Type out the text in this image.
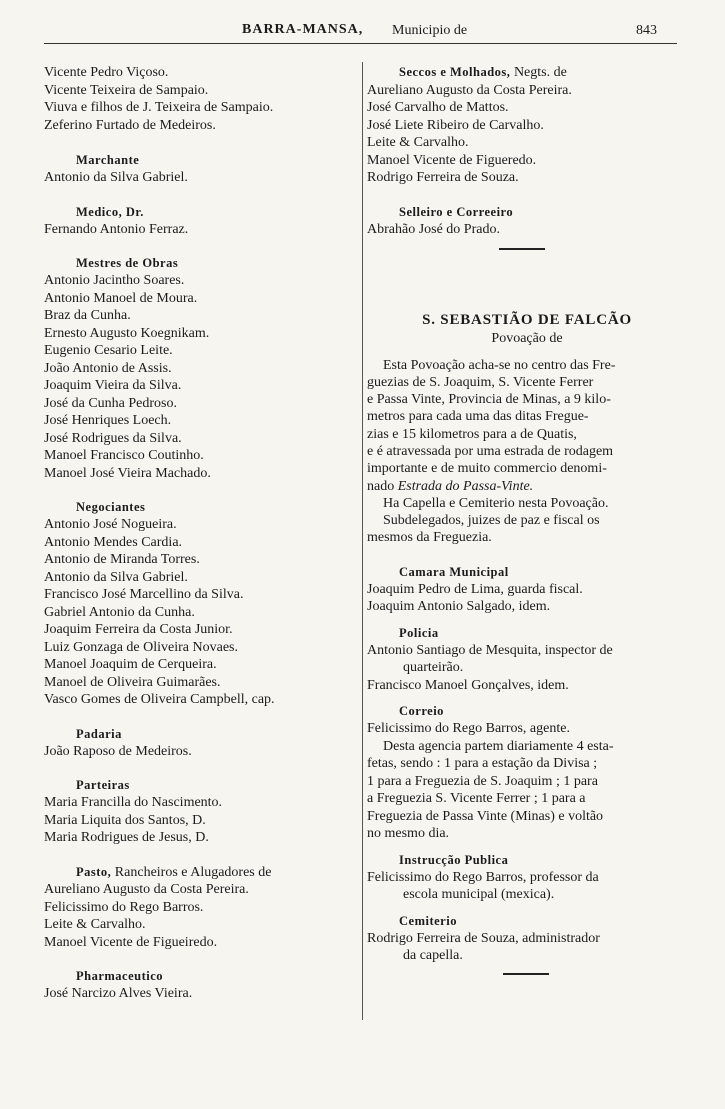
BARRA-MANSA, Municipio de	843
Vicente Pedro Viçoso.
Vicente Teixeira de Sampaio.
Viuva e filhos de J. Teixeira de Sampaio.
Zeferino Furtado de Medeiros.
Marchante
Antonio da Silva Gabriel.
Medico, Dr.
Fernando Antonio Ferraz.
Mestres de Obras
Antonio Jacintho Soares.
Antonio Manoel de Moura.
Braz da Cunha.
Ernesto Augusto Koegnikam.
Eugenio Cesario Leite.
João Antonio de Assis.
Joaquim Vieira da Silva.
José da Cunha Pedroso.
José Henriques Loech.
José Rodrigues da Silva.
Manoel Francisco Coutinho.
Manoel José Vieira Machado.
Negociantes
Antonio José Nogueira.
Antonio Mendes Cardia.
Antonio de Miranda Torres.
Antonio da Silva Gabriel.
Francisco José Marcellino da Silva.
Gabriel Antonio da Cunha.
Joaquim Ferreira da Costa Junior.
Luiz Gonzaga de Oliveira Novaes.
Manoel Joaquim de Cerqueira.
Manoel de Oliveira Guimarães.
Vasco Gomes de Oliveira Campbell, cap.
Padaria
João Raposo de Medeiros.
Parteiras
Maria Francilla do Nascimento.
Maria Liquita dos Santos, D.
Maria Rodrigues de Jesus, D.
Pasto, Rancheiros e Alugadores de
Aureliano Augusto da Costa Pereira.
Felicissimo do Rego Barros.
Leite & Carvalho.
Manoel Vicente de Figueiredo.
Pharmaceutico
José Narcizo Alves Vieira.
Seccos e Molhados, Negts. de
Aureliano Augusto da Costa Pereira.
José Carvalho de Mattos.
José Liete Ribeiro de Carvalho.
Leite & Carvalho.
Manoel Vicente de Figueredo.
Rodrigo Ferreira de Souza.
Selleiro e Correeiro
Abrahão José do Prado.
S. SEBASTIÃO DE FALCÃO
Povoação de
Esta Povoação acha-se no centro das Fre-
guezias de S. Joaquim, S. Vicente Ferrer
e Passa Vinte, Provincia de Minas, a 9 kilo-
metros para cada uma das ditas Fregue-
zias e 15 kilometros para a de Quatis,
e é atravessada por uma estrada de rodagem
importante e de muito commercio denomi-
nado Estrada do Passa-Vinte.
Ha Capella e Cemiterio nesta Povoação.
Subdelegados, juizes de paz e fiscal os
mesmos da Freguezia.
Camara Municipal
Joaquim Pedro de Lima, guarda fiscal.
Joaquim Antonio Salgado, idem.
Policia
Antonio Santiago de Mesquita, inspector de
quarteirão.
Francisco Manoel Gonçalves, idem.
Correio
Felicissimo do Rego Barros, agente.
Desta agencia partem diariamente 4 esta-
fetas, sendo : 1 para a estação da Divisa ;
1 para a Freguezia de S. Joaquim ; 1 para
a Freguezia S. Vicente Ferrer ; 1 para a
Freguezia de Passa Vinte (Minas) e voltão
no mesmo dia.
Instrucção Publica
Felicissimo do Rego Barros, professor da
escola municipal (mexica).
Cemiterio
Rodrigo Ferreira de Souza, administrador
da capella.
